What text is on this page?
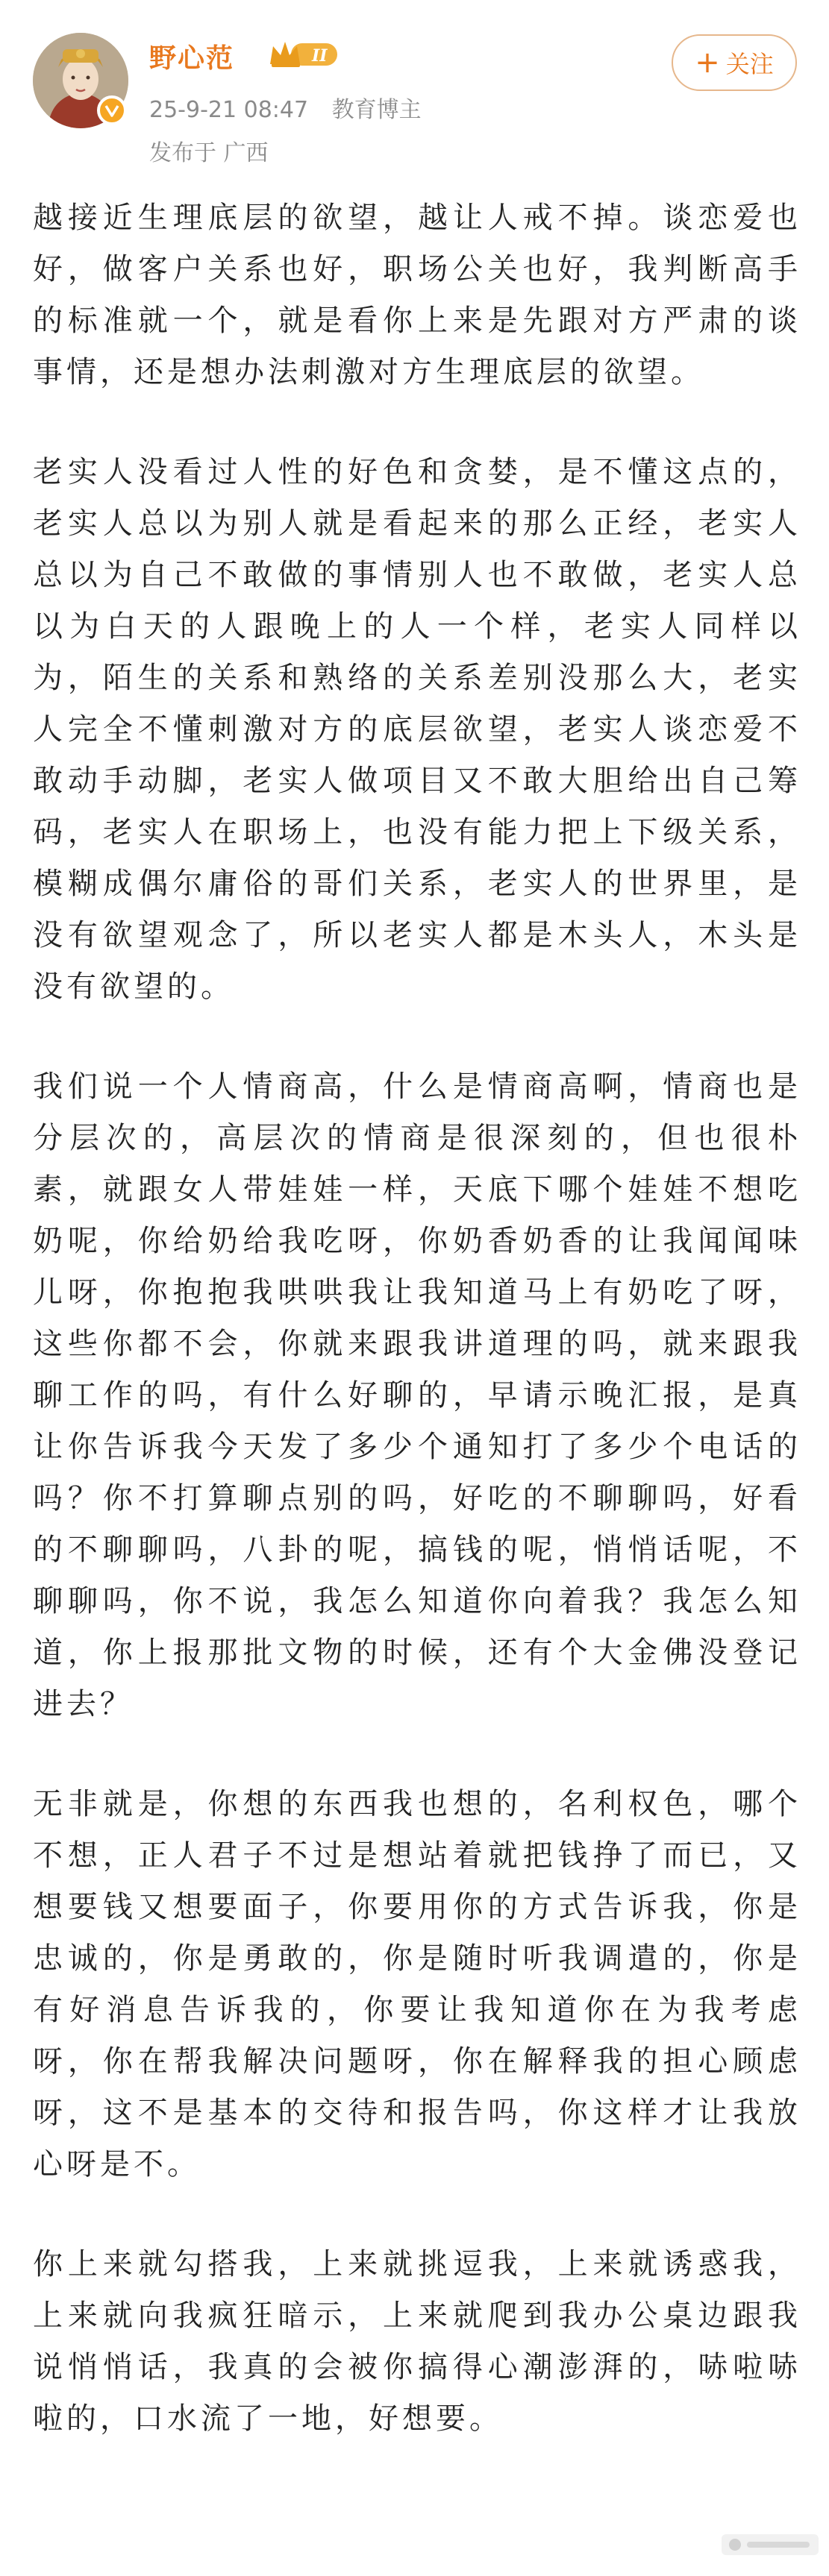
野心范	II
25-9-21 08:47 教育博主
发布于 广西
+ 关注

越接近生理底层的欲望，越让人戒不掉。谈恋爱也好，做客户关系也好，职场公关也好，我判断高手的标准就一个，就是看你上来是先跟对方严肃的谈事情，还是想办法刺激对方生理底层的欲望。

老实人没看过人性的好色和贪婪，是不懂这点的，老实人总以为别人就是看起来的那么正经，老实人总以为自己不敢做的事情别人也不敢做，老实人总以为白天的人跟晚上的人一个样，老实人同样以为，陌生的关系和熟络的关系差别没那么大，老实人完全不懂刺激对方的底层欲望，老实人谈恋爱不敢动手动脚，老实人做项目又不敢大胆给出自己筹码，老实人在职场上，也没有能力把上下级关系，模糊成偶尔庸俗的哥们关系，老实人的世界里，是没有欲望观念了，所以老实人都是木头人，木头是没有欲望的。

我们说一个人情商高，什么是情商高啊，情商也是分层次的，高层次的情商是很深刻的，但也很朴素，就跟女人带娃娃一样，天底下哪个娃娃不想吃奶呢，你给奶给我吃呀，你奶香奶香的让我闻闻味儿呀，你抱抱我哄哄我让我知道马上有奶吃了呀，这些你都不会，你就来跟我讲道理的吗，就来跟我聊工作的吗，有什么好聊的，早请示晚汇报，是真让你告诉我今天发了多少个通知打了多少个电话的吗？你不打算聊点别的吗，好吃的不聊聊吗，好看的不聊聊吗，八卦的呢，搞钱的呢，悄悄话呢，不聊聊吗，你不说，我怎么知道你向着我？我怎么知道，你上报那批文物的时候，还有个大金佛没登记进去？

无非就是，你想的东西我也想的，名利权色，哪个不想，正人君子不过是想站着就把钱挣了而已，又想要钱又想要面子，你要用你的方式告诉我，你是忠诚的，你是勇敢的，你是随时听我调遣的，你是有好消息告诉我的，你要让我知道你在为我考虑呀，你在帮我解决问题呀，你在解释我的担心顾虑呀，这不是基本的交待和报告吗，你这样才让我放心呀是不。

你上来就勾搭我，上来就挑逗我，上来就诱惑我，上来就向我疯狂暗示，上来就爬到我办公桌边跟我说悄悄话，我真的会被你搞得心潮澎湃的，哧啦哧啦的，口水流了一地，好想要。
